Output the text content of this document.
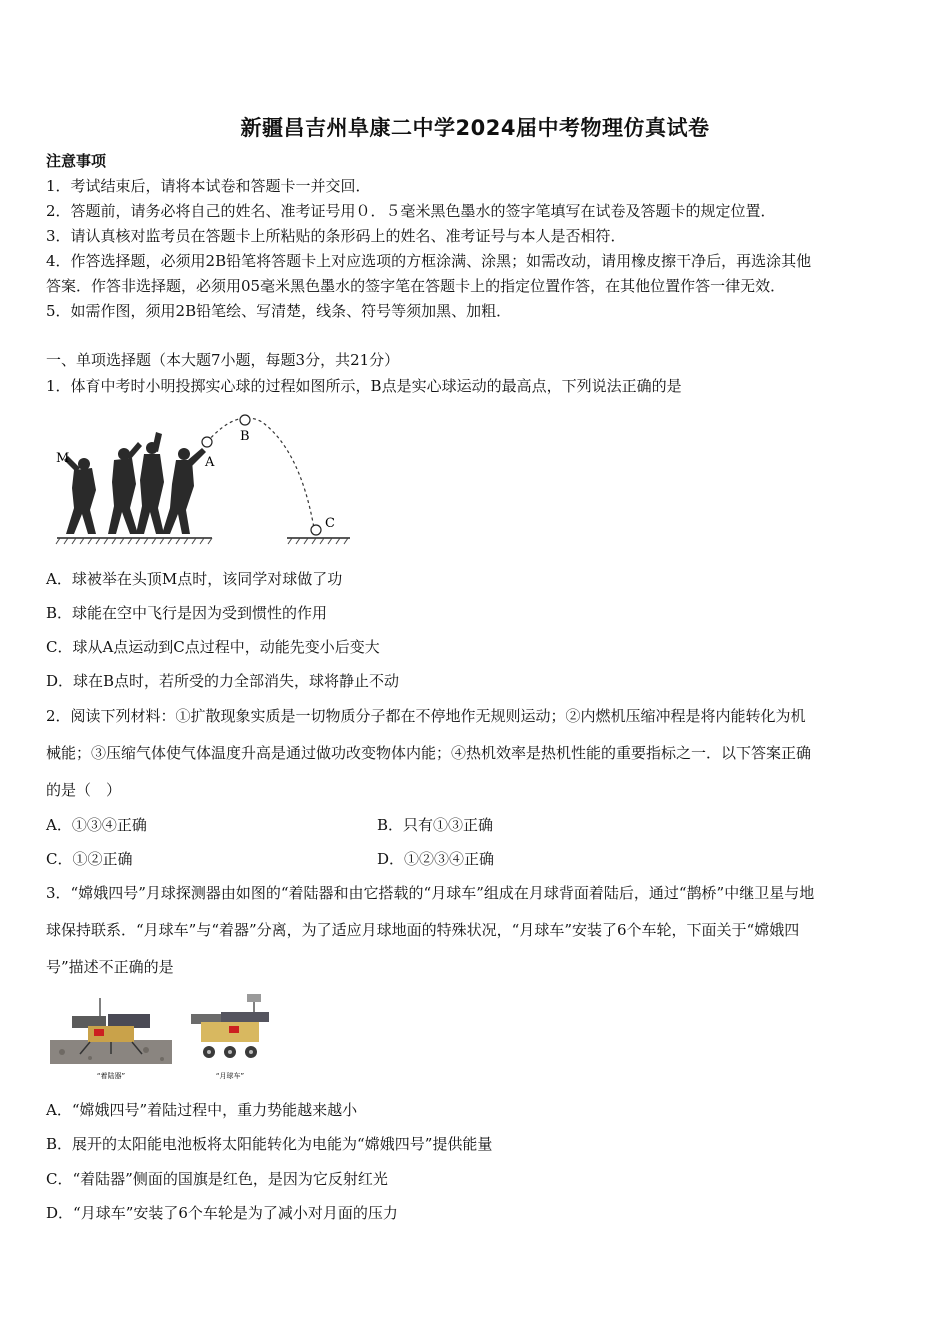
新疆昌吉州阜康二中学2024届中考物理仿真试卷
注意事项
1．考试结束后，请将本试卷和答题卡一并交回．
2．答题前，请务必将自己的姓名、准考证号用０．５毫米黑色墨水的签字笔填写在试卷及答题卡的规定位置．
3．请认真核对监考员在答题卡上所粘贴的条形码上的姓名、准考证号与本人是否相符．
4．作答选择题，必须用2B铅笔将答题卡上对应选项的方框涂满、涂黑；如需改动，请用橡皮擦干净后，再选涂其他
答案．作答非选择题，必须用05毫米黑色墨水的签字笔在答题卡上的指定位置作答，在其他位置作答一律无效．
5．如需作图，须用2B铅笔绘、写清楚，线条、符号等须加黑、加粗．
一、单项选择题（本大题7小题，每题3分，共21分）
1．体育中考时小明投掷实心球的过程如图所示，B点是实心球运动的最高点，下列说法正确的是
M	A
B
C
A．球被举在头顶M点时，该同学对球做了功
B．球能在空中飞行是因为受到惯性的作用
C．球从A点运动到C点过程中，动能先变小后变大
D．球在B点时，若所受的力全部消失，球将静止不动
2．阅读下列材料：①扩散现象实质是一切物质分子都在不停地作无规则运动；②内燃机压缩冲程是将内能转化为机
械能；③压缩气体使气体温度升高是通过做功改变物体内能；④热机效率是热机性能的重要指标之一．以下答案正确
的是（　）
A．①③④正确	B．只有①③正确
C．①②正确	D．①②③④正确
3．“嫦娥四号”月球探测器由如图的“着陆器和由它搭载的“月球车”组成在月球背面着陆后，通过“鹊桥”中继卫星与地
球保持联系．“月球车”与“着器”分离，为了适应月球地面的特殊状况，“月球车”安装了6个车轮，下面关于“嫦娥四
号”描述不正确的是
“着陆器”	“月球车”
A．“嫦娥四号”着陆过程中，重力势能越来越小
B．展开的太阳能电池板将太阳能转化为电能为“嫦娥四号”提供能量
C．“着陆器”侧面的国旗是红色，是因为它反射红光
D．“月球车”安装了6个车轮是为了减小对月面的压力
